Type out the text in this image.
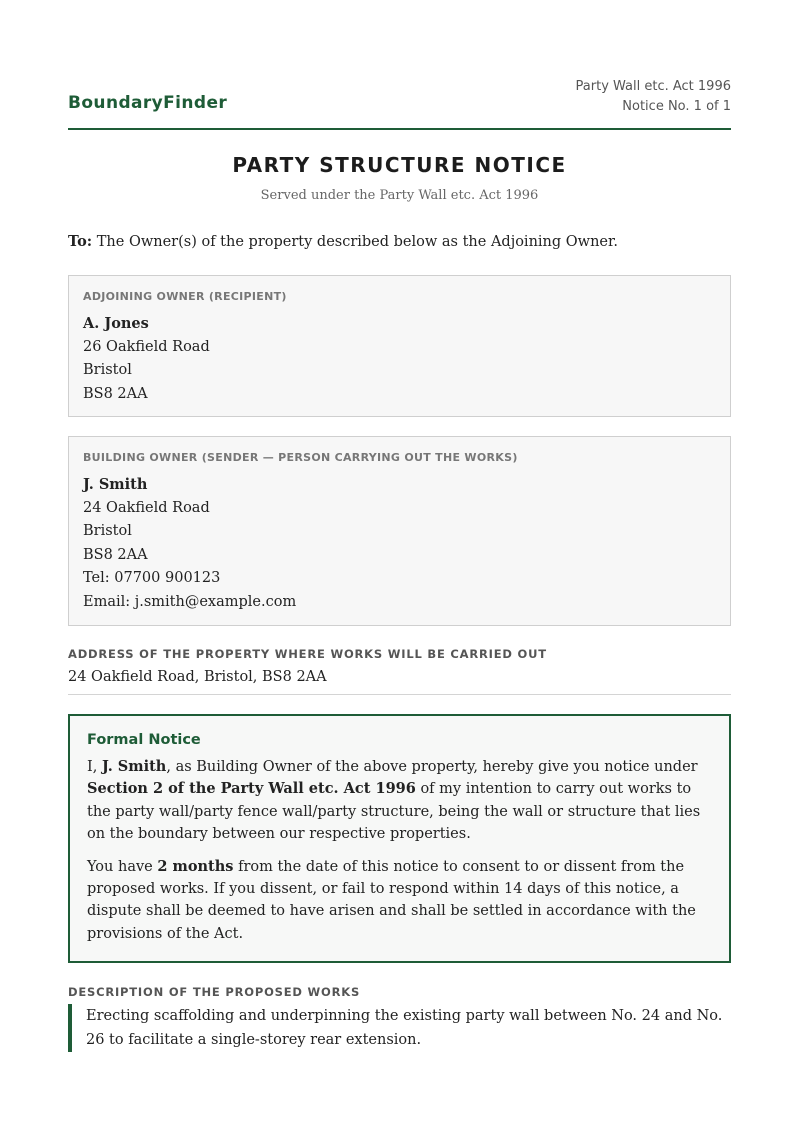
BoundaryFinder
Party Wall etc. Act 1996
Notice No. 1 of 1
PARTY STRUCTURE NOTICE
Served under the Party Wall etc. Act 1996
To: The Owner(s) of the property described below as the Adjoining Owner.
ADJOINING OWNER (RECIPIENT)
A. Jones
26 Oakfield Road
Bristol
BS8 2AA
BUILDING OWNER (SENDER — PERSON CARRYING OUT THE WORKS)
J. Smith
24 Oakfield Road
Bristol
BS8 2AA
Tel: 07700 900123
Email: j.smith@example.com
ADDRESS OF THE PROPERTY WHERE WORKS WILL BE CARRIED OUT
24 Oakfield Road, Bristol, BS8 2AA
Formal Notice

I, J. Smith, as Building Owner of the above property, hereby give you notice under Section 2 of the Party Wall etc. Act 1996 of my intention to carry out works to the party wall/party fence wall/party structure, being the wall or structure that lies on the boundary between our respective properties.

You have 2 months from the date of this notice to consent to or dissent from the proposed works. If you dissent, or fail to respond within 14 days of this notice, a dispute shall be deemed to have arisen and shall be settled in accordance with the provisions of the Act.

DESCRIPTION OF THE PROPOSED WORKS
Erecting scaffolding and underpinning the existing party wall between No. 24 and No. 26 to facilitate a single-storey rear extension.
